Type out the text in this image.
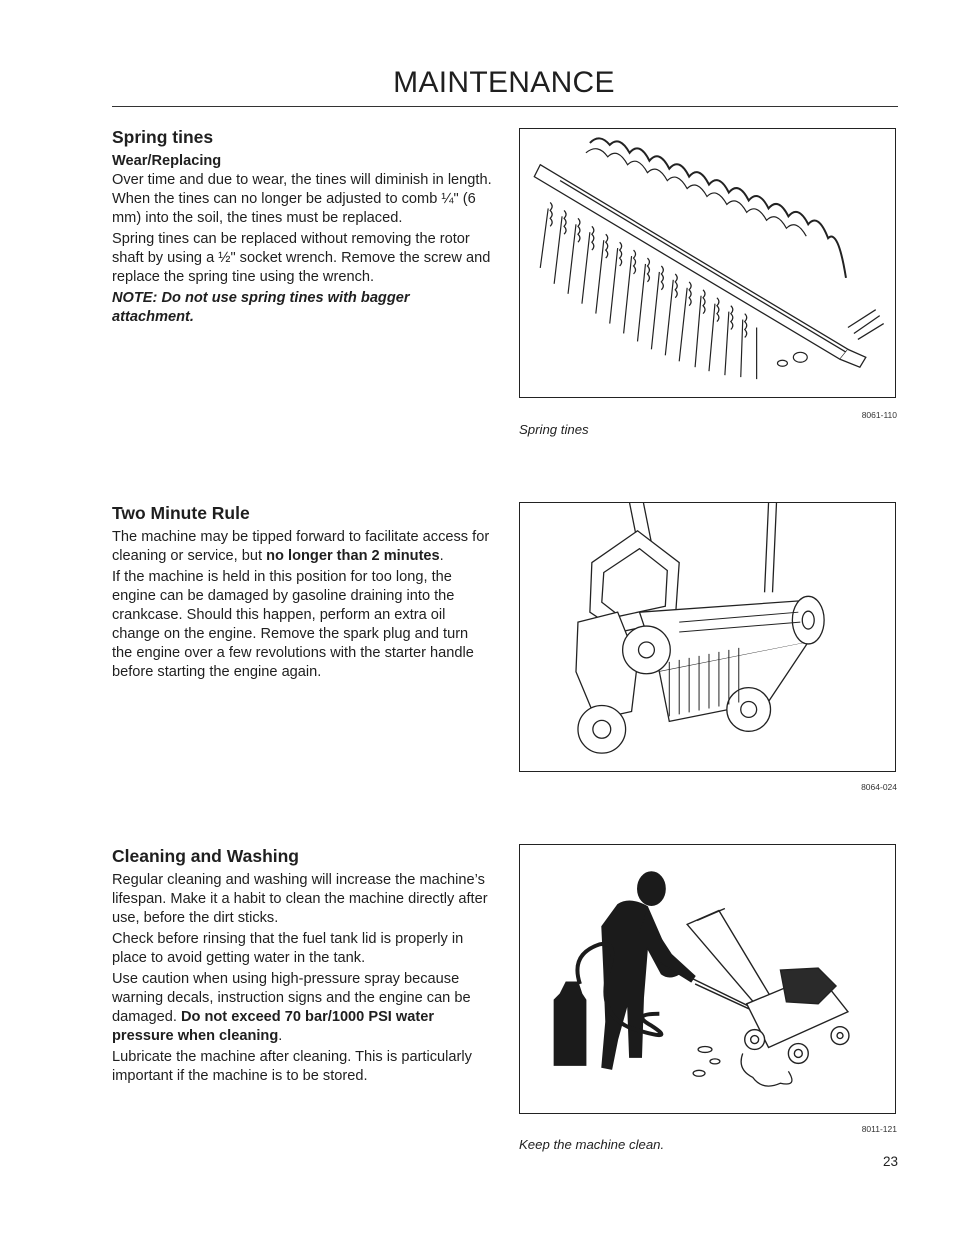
MAINTENANCE
Spring tines
Wear/Replacing

Over time and due to wear, the tines will diminish in length. When the tines can no longer be adjusted to comb ¼" (6 mm) into the soil, the tines must be replaced.

Spring tines can be replaced without removing the rotor shaft by using a ½" socket wrench. Remove the screw and replace the spring tine using the wrench.

NOTE: Do not use spring tines with bagger attachment.

8061-110
Spring tines
Two Minute Rule

The machine may be tipped forward to facilitate access for cleaning or service, but no longer than 2 minutes.

If the machine is held in this position for too long, the engine can be damaged by gasoline draining into the crankcase. Should this happen, perform an extra oil change on the engine. Remove the spark plug and turn the engine over a few revolutions with the starter handle before starting the engine again.

8064-024
Cleaning and Washing

Regular cleaning and washing will increase the machine’s lifespan. Make it a habit to clean the machine directly after use, before the dirt sticks.

Check before rinsing that the fuel tank lid is properly in place to avoid getting water in the tank.

Use caution when using high-pressure spray because warning decals, instruction signs and the engine can be damaged. Do not exceed 70 bar/1000 PSI water pressure when cleaning.

Lubricate the machine after cleaning. This is particularly important if the machine is to be stored.

8011-121
Keep the machine clean.
23
